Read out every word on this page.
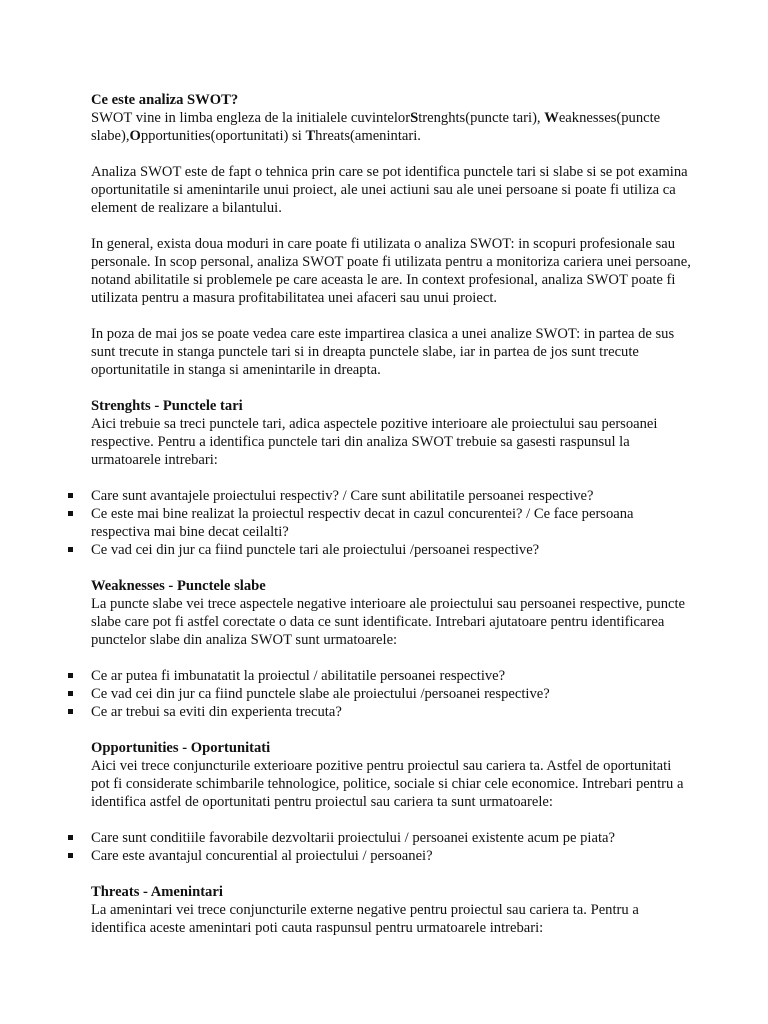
Ce este analiza SWOT?

SWOT vine in limba engleza de la initialele cuvintelorStrenghts(puncte tari), Weaknesses(puncte slabe),Opportunities(oportunitati) si Threats(amenintari.

Analiza SWOT este de fapt o tehnica prin care se pot identifica punctele tari si slabe si se pot examina oportunitatile si amenintarile unui proiect, ale unei actiuni sau ale unei persoane si poate fi utiliza ca element de realizare a bilantului.

In general, exista doua moduri in care poate fi utilizata o analiza SWOT: in scopuri profesionale sau personale. In scop personal, analiza SWOT poate fi utilizata pentru a monitoriza cariera unei persoane, notand abilitatile si problemele pe care aceasta le are. In context profesional, analiza SWOT poate fi utilizata pentru a masura profitabilitatea unei afaceri sau unui proiect.

In poza de mai jos se poate vedea care este impartirea clasica a unei analize SWOT: in partea de sus sunt trecute in stanga punctele tari si in dreapta punctele slabe, iar in partea de jos sunt trecute oportunitatile in stanga si amenintarile in dreapta.

Strenghts - Punctele tari

Aici trebuie sa treci punctele tari, adica aspectele pozitive interioare ale proiectului sau persoanei respective. Pentru a identifica punctele tari din analiza SWOT trebuie sa gasesti raspunsul la urmatoarele intrebari:

Care sunt avantajele proiectului respectiv? / Care sunt abilitatile persoanei respective?
Ce este mai bine realizat la proiectul respectiv decat in cazul concurentei? / Ce face persoana respectiva mai bine decat ceilalti?
Ce vad cei din jur ca fiind punctele tari ale proiectului /persoanei respective?

Weaknesses - Punctele slabe

La puncte slabe vei trece aspectele negative interioare ale proiectului sau persoanei respective, puncte slabe care pot fi astfel corectate o data ce sunt identificate. Intrebari ajutatoare pentru identificarea punctelor slabe din analiza SWOT sunt urmatoarele:

Ce ar putea fi imbunatatit la proiectul / abilitatile persoanei respective?
Ce vad cei din jur ca fiind punctele slabe ale proiectului /persoanei respective?
Ce ar trebui sa eviti din experienta trecuta?

Opportunities - Oportunitati

Aici vei trece conjuncturile exterioare pozitive pentru proiectul sau cariera ta. Astfel de oportunitati pot fi considerate schimbarile tehnologice, politice, sociale si chiar cele economice. Intrebari pentru a identifica astfel de oportunitati pentru proiectul sau cariera ta sunt urmatoarele:

Care sunt conditiile favorabile dezvoltarii proiectului / persoanei existente acum pe piata?
Care este avantajul concurential al proiectului / persoanei?

Threats - Amenintari

La amenintari vei trece conjuncturile externe negative pentru proiectul sau cariera ta. Pentru a identifica aceste amenintari poti cauta raspunsul pentru urmatoarele intrebari:
